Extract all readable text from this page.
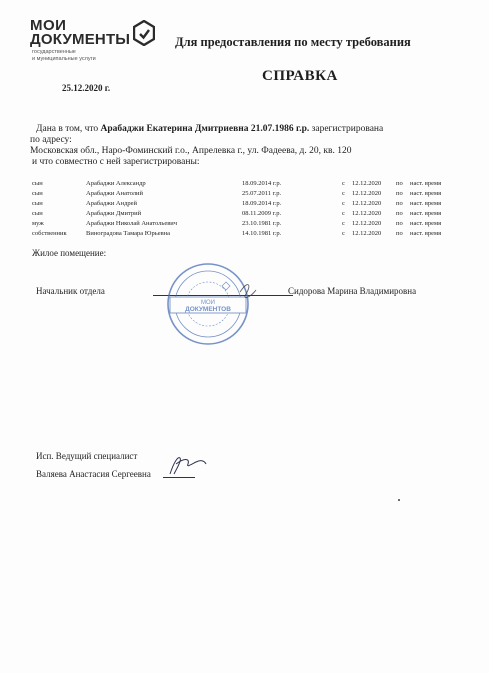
МОИ
ДОКУМЕНТЫ
государственные
и муниципальные услуги
25.12.2020 г.
Для предоставления по месту требования
СПРАВКА
Дана в том, что Арабаджи Екатерина Дмитриевна 21.07.1986 г.р. зарегистрирована
по адресу:
Московская обл., Наро-Фоминский г.о., Апрелевка г., ул. Фадеева, д. 20, кв. 120
и что совместно с ней зарегистрированы:
сын	Арабаджи Александр	18.09.2014 г.р.	с 12.12.2020 по наст. время
сын	Арабаджи Анатолий	25.07.2011 г.р.	с 12.12.2020 по наст. время
сын	Арабаджи Андрей	18.09.2014 г.р.	с 12.12.2020 по наст. время
сын	Арабаджи Дмитрий	08.11.2009 г.р.	с 12.12.2020 по наст. время
муж	Арабаджи Николай Анатольевич	23.10.1981 г.р.	с 12.12.2020 по наст. время
собственник	Виноградова Тамара Юрьевна	14.10.1981 г.р.	с 12.12.2020 по наст. время
Жилое помещение:
Начальник отдела	Сидорова Марина Владимировна
МОИ
ДОКУМЕНТОВ
Исп. Ведущий специалист
Валяева Анастасия Сергеевна
